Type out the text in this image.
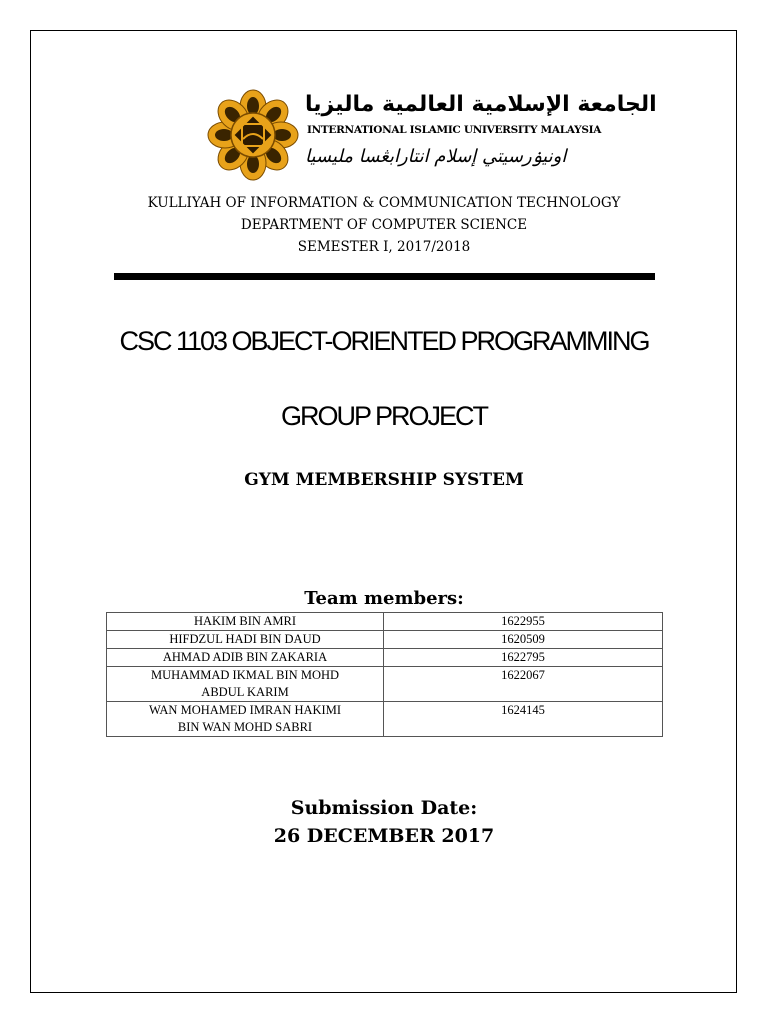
الجامعة الإسلامية العالمية ماليزيا
INTERNATIONAL ISLAMIC UNIVERSITY MALAYSIA
اونيۏرسيتي إسلام انتارابڠسا مليسيا
KULLIYAH OF INFORMATION & COMMUNICATION TECHNOLOGY
DEPARTMENT OF COMPUTER SCIENCE
SEMESTER I, 2017/2018
CSC 1103 OBJECT-ORIENTED PROGRAMMING
GROUP PROJECT
GYM MEMBERSHIP SYSTEM
Team members:
HAKIM BIN AMRI	1622955

HIFDZUL HADI BIN DAUD	1620509

AHMAD ADIB BIN ZAKARIA	1622795

MUHAMMAD IKMAL BIN MOHD
ABDUL KARIM	1622067

WAN MOHAMED IMRAN HAKIMI
BIN WAN MOHD SABRI	1624145
Submission Date:
26 DECEMBER 2017
